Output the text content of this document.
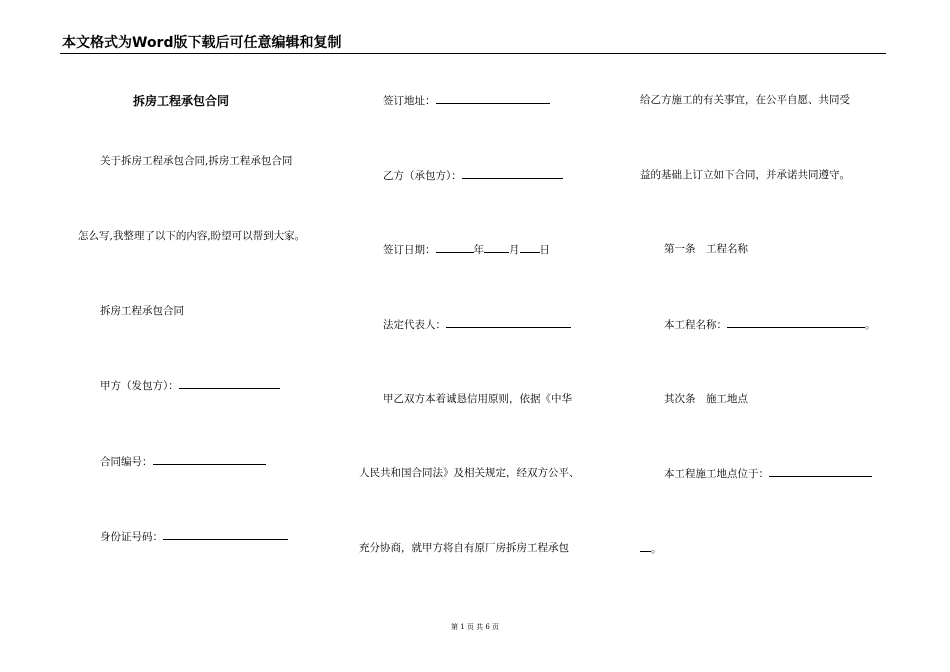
本文格式为Word版下载后可任意编辑和复制
拆房工程承包合同
关于拆房工程承包合同,拆房工程承包合同
怎么写,我整理了以下的内容,盼望可以帮到大家。
拆房工程承包合同
甲方（发包方）：
合同编号：
身份证号码：
签订地址：
乙方（承包方）：
签订日期：	年 月 日
法定代表人：
甲乙双方本着诚恳信用原则，依据《中华
人民共和国合同法》及相关规定，经双方公平、
充分协商，就甲方将自有原厂房拆房工程承包
给乙方施工的有关事宜，在公平自愿、共同受
益的基础上订立如下合同，并承诺共同遵守。
第一条　工程名称
本工程名称：	。
其次条　施工地点
本工程施工地点位于：
。
第 1 页 共 6 页
